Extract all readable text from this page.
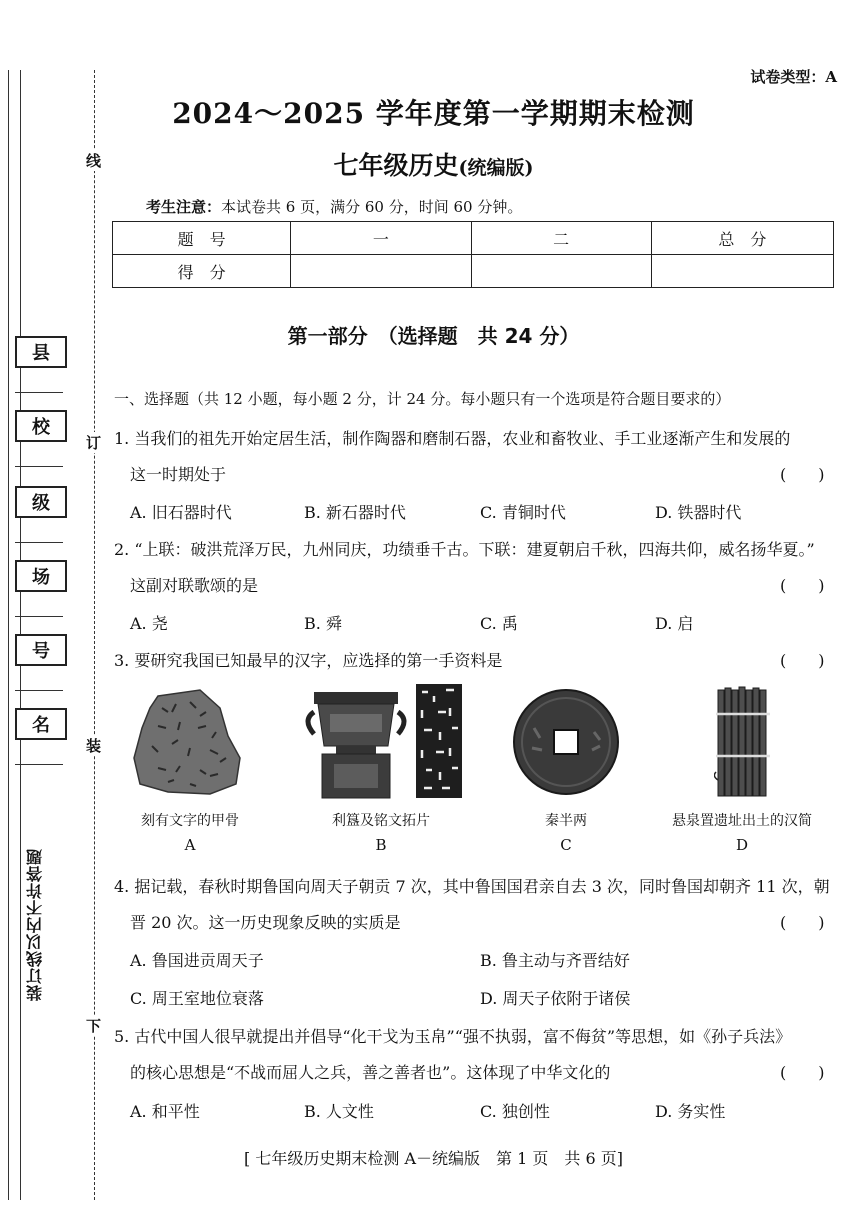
线
订
装
下
县
校
级
场
号
名
装订线以内不许答题
试卷类型：A
2024～2025 学年度第一学期期末检测
七年级历史(统编版)
考生注意：本试卷共 6 页，满分 60 分，时间 60 分钟。
题　号	一	二	总　分
得　分			
第一部分　（选择题　共 24 分）
一、选择题（共 12 小题，每小题 2 分，计 24 分。每小题只有一个选项是符合题目要求的）
1. 当我们的祖先开始定居生活，制作陶器和磨制石器，农业和畜牧业、手工业逐渐产生和发展的
这一时期处于	(　　)
A. 旧石器时代	B. 新石器时代	C. 青铜时代	D. 铁器时代
2. “上联：破洪荒泽万民，九州同庆，功绩垂千古。下联：建夏朝启千秋，四海共仰，威名扬华夏。”
这副对联歌颂的是	(　　)
A. 尧	B. 舜	C. 禹	D. 启
3. 要研究我国已知最早的汉字，应选择的第一手资料是	(　　)
刻有文字的甲骨
A
利簋及铭文拓片
B
秦半两
C
悬泉置遗址出土的汉简
D
4. 据记载，春秋时期鲁国向周天子朝贡 7 次，其中鲁国国君亲自去 3 次，同时鲁国却朝齐 11 次，朝
晋 20 次。这一历史现象反映的实质是	(　　)
A. 鲁国进贡周天子	B. 鲁主动与齐晋结好
C. 周王室地位衰落	D. 周天子依附于诸侯
5. 古代中国人很早就提出并倡导“化干戈为玉帛”“强不执弱，富不侮贫”等思想，如《孙子兵法》
的核心思想是“不战而屈人之兵，善之善者也”。这体现了中华文化的	(　　)
A. 和平性	B. 人文性	C. 独创性	D. 务实性
[ 七年级历史期末检测 A－统编版　第 1 页　共 6 页]
